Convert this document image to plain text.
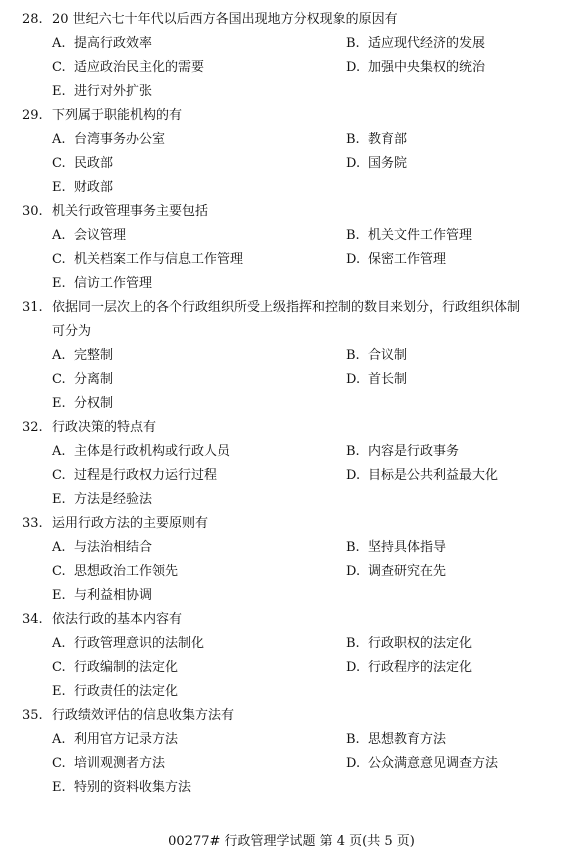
28. 20 世纪六七十年代以后西方各国出现地方分权现象的原因有
A. 提高行政效率	B. 适应现代经济的发展
C. 适应政治民主化的需要	D. 加强中央集权的统治
E. 进行对外扩张
29. 下列属于职能机构的有
A. 台湾事务办公室	B. 教育部
C. 民政部	D. 国务院
E. 财政部
30. 机关行政管理事务主要包括
A. 会议管理	B. 机关文件工作管理
C. 机关档案工作与信息工作管理	D. 保密工作管理
E. 信访工作管理
31. 依据同一层次上的各个行政组织所受上级指挥和控制的数目来划分，行政组织体制
可分为
A. 完整制	B. 合议制
C. 分离制	D. 首长制
E. 分权制
32. 行政决策的特点有
A. 主体是行政机构或行政人员	B. 内容是行政事务
C. 过程是行政权力运行过程	D. 目标是公共利益最大化
E. 方法是经验法
33. 运用行政方法的主要原则有
A. 与法治相结合	B. 坚持具体指导
C. 思想政治工作领先	D. 调查研究在先
E. 与利益相协调
34. 依法行政的基本内容有
A. 行政管理意识的法制化	B. 行政职权的法定化
C. 行政编制的法定化	D. 行政程序的法定化
E. 行政责任的法定化
35. 行政绩效评估的信息收集方法有
A. 利用官方记录方法	B. 思想教育方法
C. 培训观测者方法	D. 公众满意意见调查方法
E. 特别的资料收集方法
00277# 行政管理学试题 第 4 页(共 5 页)
